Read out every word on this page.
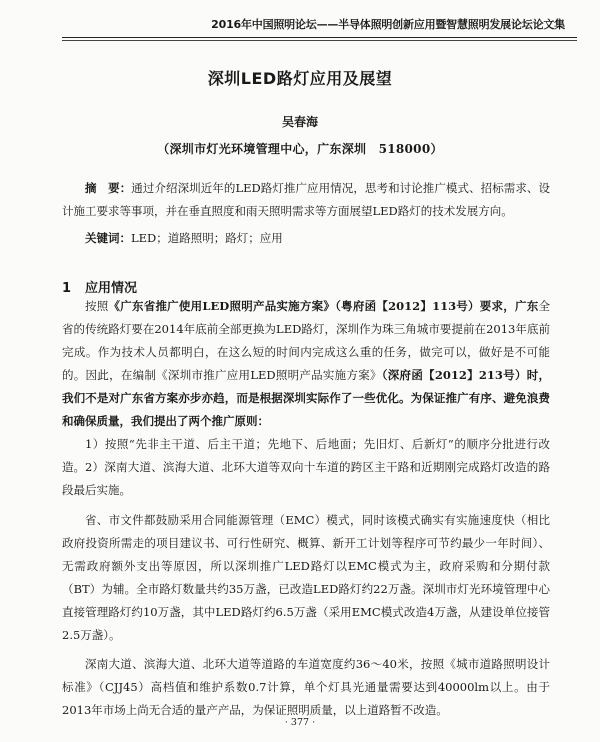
2016年中国照明论坛——半导体照明创新应用暨智慧照明发展论坛论文集
深圳LED路灯应用及展望
吴春海
（深圳市灯光环境管理中心，广东深圳　518000）

摘　要：通过介绍深圳近年的LED路灯推广应用情况，思考和讨论推广模式、招标需求、设计施工要求等事项，并在垂直照度和雨天照明需求等方面展望LED路灯的技术发展方向。

关键词：LED；道路照明；路灯；应用

1 应用情况

按照《广东省推广使用LED照明产品实施方案》（粤府函【2012】113号）要求，广东全省的传统路灯要在2014年底前全部更换为LED路灯，深圳作为珠三角城市要提前在2013年底前完成。作为技术人员都明白，在这么短的时间内完成这么重的任务，做完可以，做好是不可能的。因此，在编制《深圳市推广应用LED照明产品实施方案》（深府函【2012】213号）时，我们不是对广东省方案亦步亦趋，而是根据深圳实际作了一些优化。为保证推广有序、避免浪费和确保质量，我们提出了两个推广原则：

1）按照“先非主干道、后主干道；先地下、后地面；先旧灯、后新灯”的顺序分批进行改造。 2）深南大道、滨海大道、北环大道等双向十车道的跨区主干路和近期刚完成路灯改造的路段最后实施。

省、市文件都鼓励采用合同能源管理（EMC）模式，同时该模式确实有实施速度快（相比政府投资所需走的项目建议书、可行性研究、概算、新开工计划等程序可节约最少一年时间）、无需政府额外支出等原因，所以深圳推广LED路灯以EMC模式为主，政府采购和分期付款（BT）为辅。全市路灯数量共约35万盏，已改造LED路灯约22万盏。深圳市灯光环境管理中心直接管理路灯约10万盏，其中LED路灯约6.5万盏（采用EMC模式改造4万盏，从建设单位接管2.5万盏）。

深南大道、滨海大道、北环大道等道路的车道宽度约36～40米，按照《城市道路照明设计标准》（CJJ45）高档值和维护系数0.7计算，单个灯具光通量需要达到40000lm以上。由于2013年市场上尚无合适的量产产品，为保证照明质量，以上道路暂不改造。

· 377 ·
